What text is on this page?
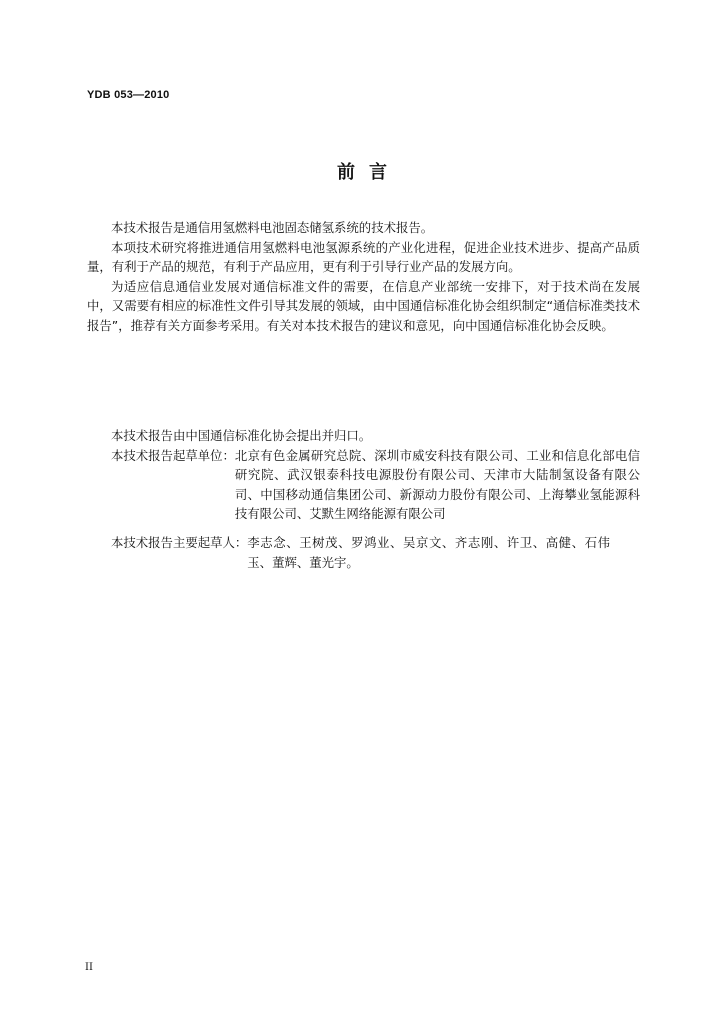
YDB 053—2010
前言

本技术报告是通信用氢燃料电池固态储氢系统的技术报告。

本项技术研究将推进通信用氢燃料电池氢源系统的产业化进程，促进企业技术进步、提高产品质量，有利于产品的规范，有利于产品应用，更有利于引导行业产品的发展方向。

为适应信息通信业发展对通信标准文件的需要，在信息产业部统一安排下，对于技术尚在发展中，又需要有相应的标准性文件引导其发展的领域，由中国通信标准化协会组织制定“通信标准类技术报告”，推荐有关方面参考采用。有关对本技术报告的建议和意见，向中国通信标准化协会反映。

本技术报告由中国通信标准化协会提出并归口。

本技术报告起草单位： 北京有色金属研究总院、深圳市威安科技有限公司、工业和信息化部电信研究院、武汉银泰科技电源股份有限公司、天津市大陆制氢设备有限公司、中国移动通信集团公司、新源动力股份有限公司、上海攀业氢能源科技有限公司、艾默生网络能源有限公司
本技术报告主要起草人： 李志念、王树茂、罗鸿业、吴京文、齐志刚、许卫、高健、石伟玉、董辉、董光宇。
II
